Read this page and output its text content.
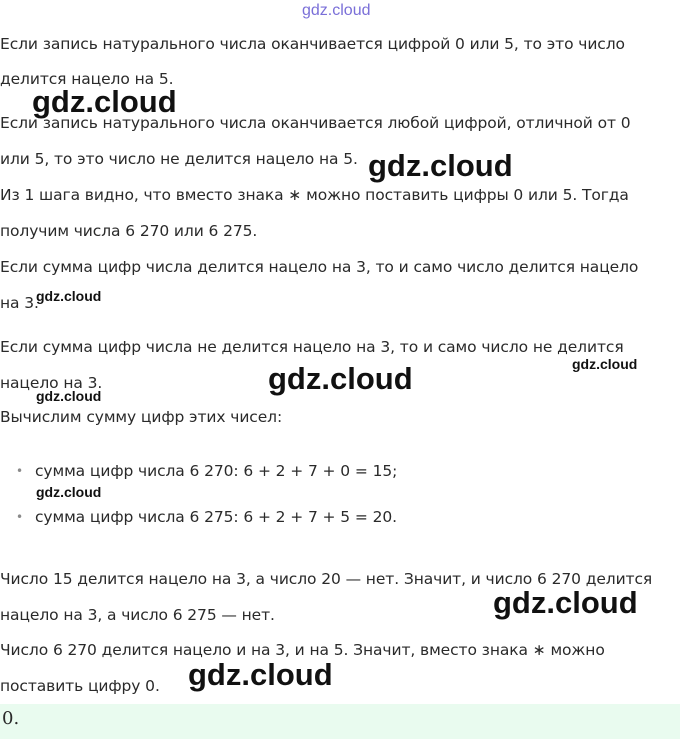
gdz.cloud
Если запись натурального числа оканчивается цифрой 0 или 5, то это число
делится нацело на 5.
Если запись натурального числа оканчивается любой цифрой, отличной от 0
или 5, то это число не делится нацело на 5.
Из 1 шага видно, что вместо знака ∗ можно поставить цифры 0 или 5. Тогда
получим числа 6 270 или 6 275.
Если сумма цифр числа делится нацело на 3, то и само число делится нацело
на 3.
Если сумма цифр числа не делится нацело на 3, то и само число не делится
нацело на 3.
Вычислим сумму цифр этих чисел:
• сумма цифр числа 6 270: 6 + 2 + 7 + 0 = 15;
• сумма цифр числа 6 275: 6 + 2 + 7 + 5 = 20.
Число 15 делится нацело на 3, а число 20 — нет. Значит, и число 6 270 делится
нацело на 3, а число 6 275 — нет.
Число 6 270 делится нацело и на 3, и на 5. Значит, вместо знака ∗ можно
поставить цифру 0.
0.
gdz.cloud
gdz.cloud
gdz.cloud
gdz.cloud	gdz.cloud
gdz.cloud
gdz.cloud
gdz.cloud
gdz.cloud
